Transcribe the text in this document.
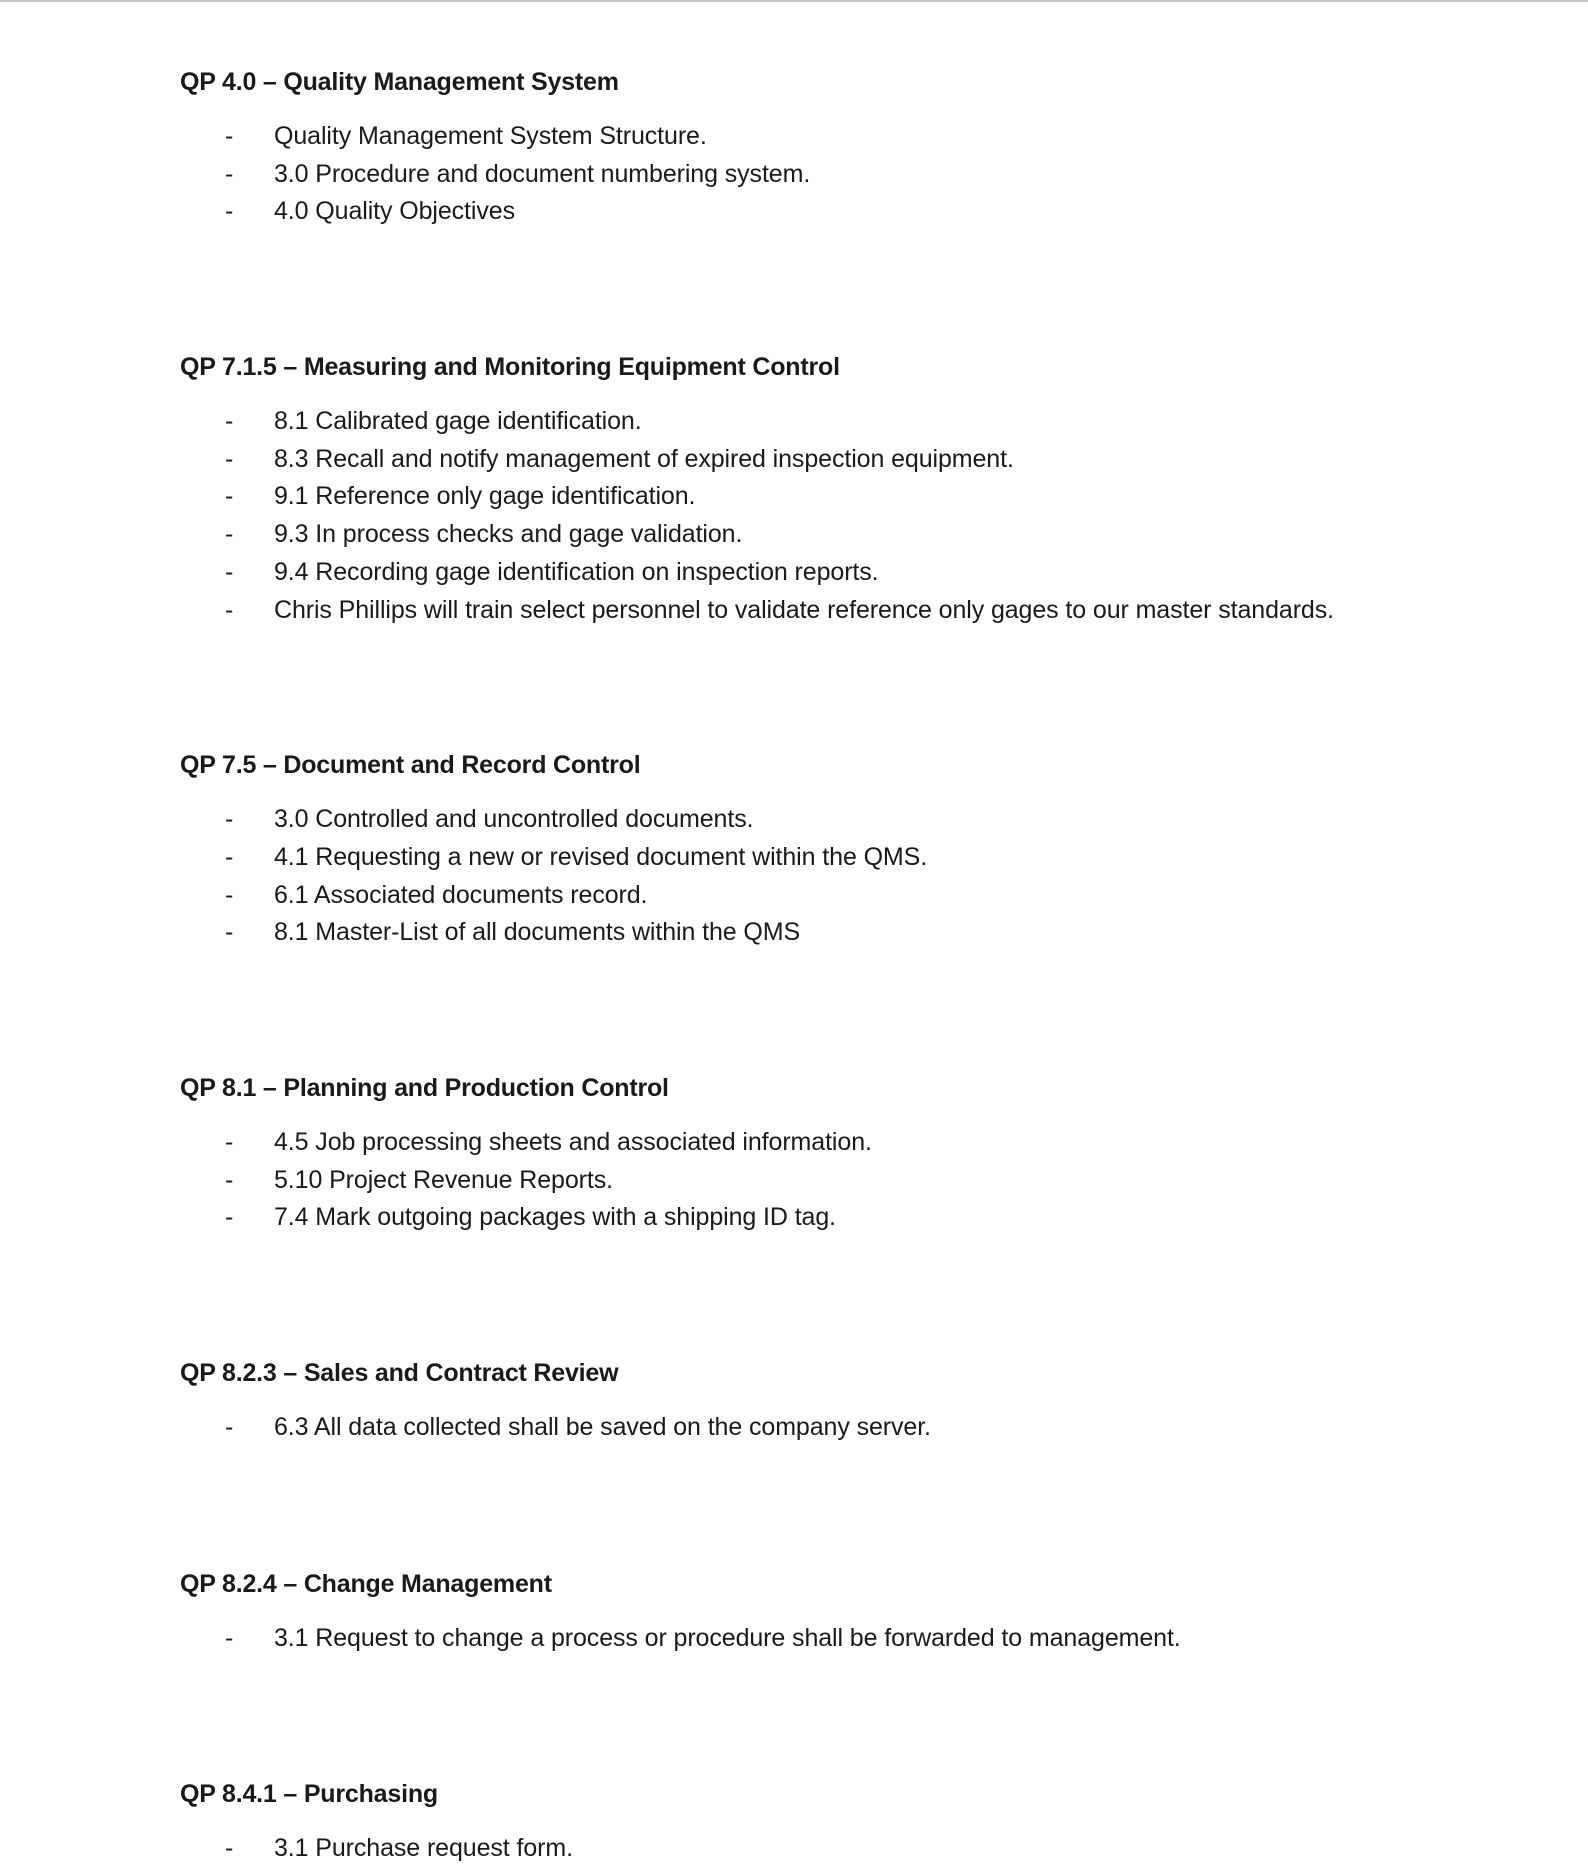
QP 4.0 – Quality Management System
-	Quality Management System Structure.
-	3.0 Procedure and document numbering system.
-	4.0 Quality Objectives
QP 7.1.5 – Measuring and Monitoring Equipment Control
-	8.1 Calibrated gage identification.
-	8.3 Recall and notify management of expired inspection equipment.
-	9.1 Reference only gage identification.
-	9.3 In process checks and gage validation.
-	9.4 Recording gage identification on inspection reports.
-	Chris Phillips will train select personnel to validate reference only gages to our master standards.
QP 7.5 – Document and Record Control
-	3.0 Controlled and uncontrolled documents.
-	4.1 Requesting a new or revised document within the QMS.
-	6.1 Associated documents record.
-	8.1 Master-List of all documents within the QMS
QP 8.1 – Planning and Production Control
-	4.5 Job processing sheets and associated information.
-	5.10 Project Revenue Reports.
-	7.4 Mark outgoing packages with a shipping ID tag.
QP 8.2.3 – Sales and Contract Review
-	6.3 All data collected shall be saved on the company server.
QP 8.2.4 – Change Management
-	3.1 Request to change a process or procedure shall be forwarded to management.
QP 8.4.1 – Purchasing
-	3.1 Purchase request form.
